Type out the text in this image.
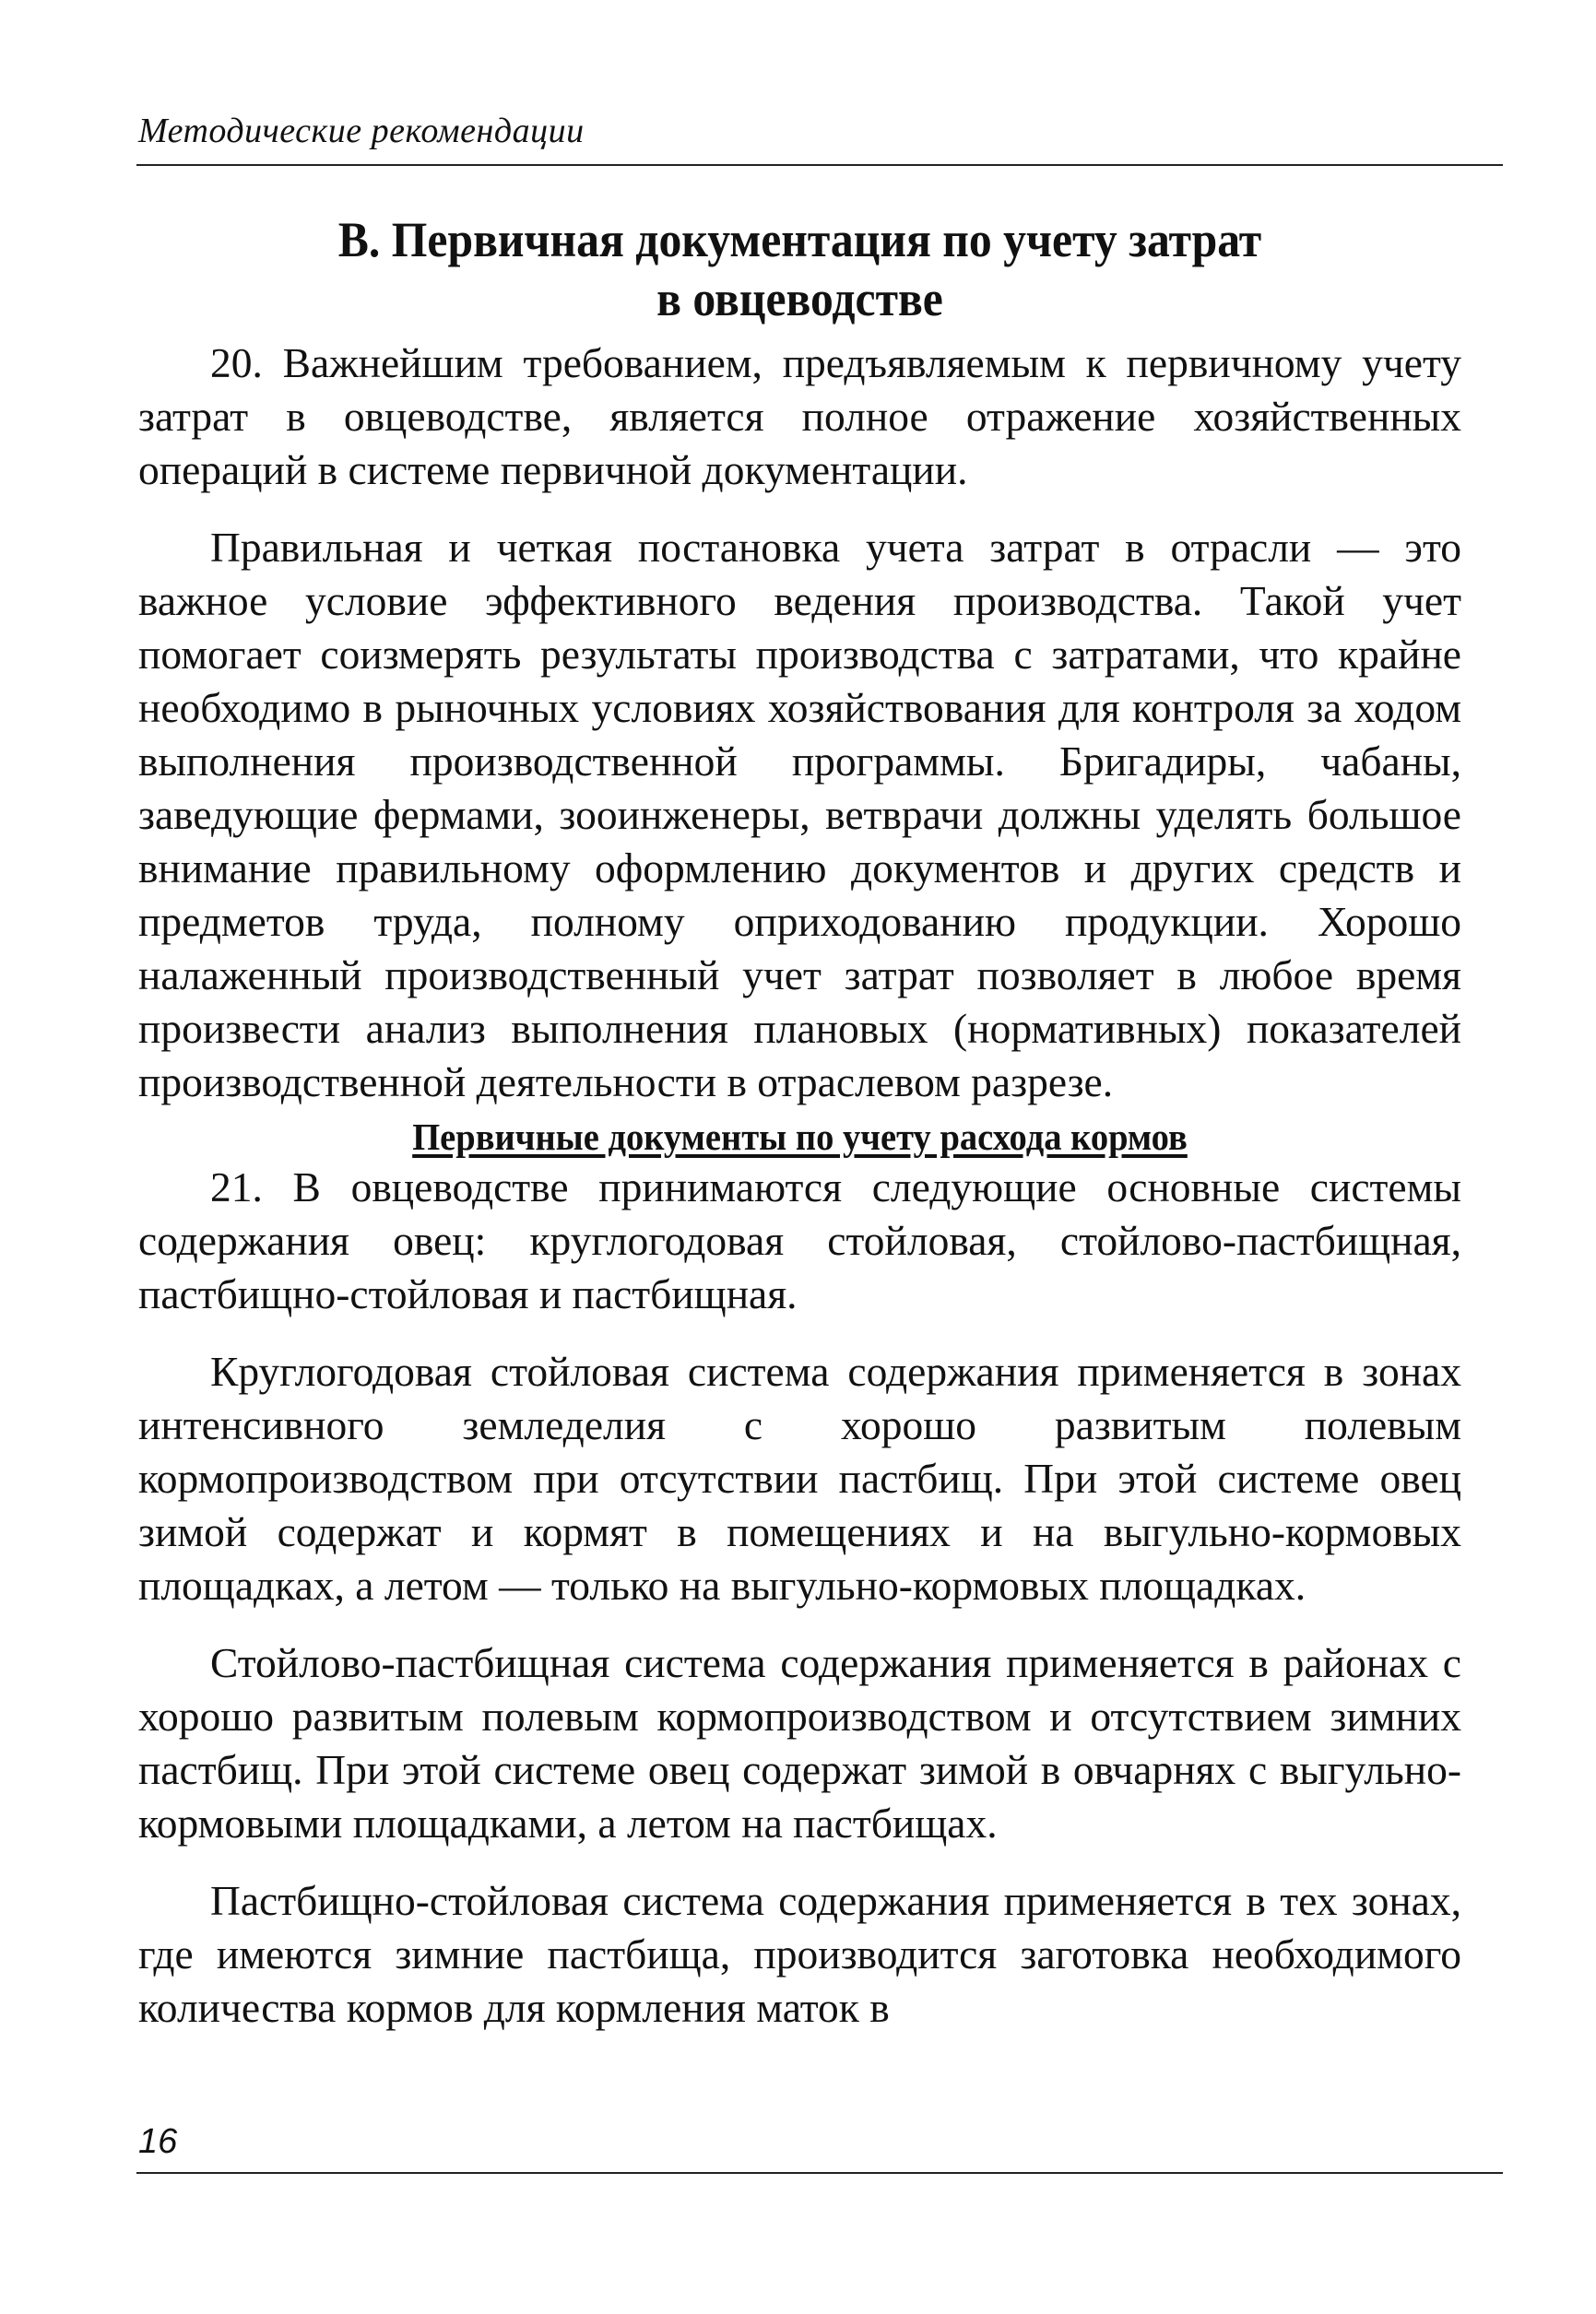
Методические рекомендации
В. Первичная документация по учету затрат
в овцеводстве

20. Важнейшим требованием, предъявляемым к первичному учету затрат в овцеводстве, является полное отражение хозяйственных операций в системе первичной документации.

Правильная и четкая постановка учета затрат в отрасли — это важное условие эффективного ведения производства. Такой учет помогает соизмерять результаты производства с затратами, что крайне необходимо в рыночных условиях хозяйствования для контроля за ходом выполнения производственной программы. Бригадиры, чабаны, заведующие фермами, зооинженеры, ветврачи должны уделять большое внимание правильному оформлению документов и других средств и предметов труда, полному оприходованию продукции. Хорошо налаженный производственный учет затрат позволяет в любое время произвести анализ выполнения плановых (нормативных) показателей производственной деятельности в отраслевом разрезе.

Первичные документы по учету расхода кормов

21. В овцеводстве принимаются следующие основные системы содержания овец: круглогодовая стойловая, стойлово-пастбищная, пастбищно-стойловая и пастбищная.

Круглогодовая стойловая система содержания применяется в зонах интенсивного земледелия с хорошо развитым полевым кормопроизводством при отсутствии пастбищ. При этой системе овец зимой содержат и кормят в помещениях и на выгульно-кормовых площадках, а летом — только на выгульно-кормовых площадках.

Стойлово-пастбищная система содержания применяется в районах с хорошо развитым полевым кормопроизводством и отсутствием зимних пастбищ. При этой системе овец содержат зимой в овчарнях с выгульно-кормовыми площадками, а летом на пастбищах.

Пастбищно-стойловая система содержания применяется в тех зонах, где имеются зимние пастбища, производится заготовка необходимого количества кормов для кормления маток в

16
